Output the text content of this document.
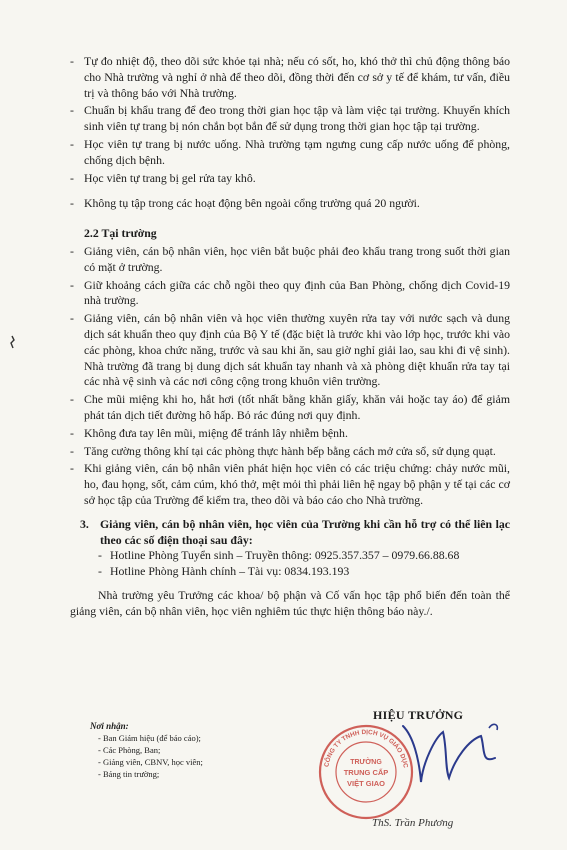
- Tự đo nhiệt độ, theo dõi sức khỏe tại nhà; nếu có sốt, ho, khó thở thì chủ động thông báo cho Nhà trường và nghỉ ở nhà để theo dõi, đồng thời đến cơ sở y tế để khám, tư vấn, điều trị và thông báo với Nhà trường.
- Chuẩn bị khẩu trang để đeo trong thời gian học tập và làm việc tại trường. Khuyến khích sinh viên tự trang bị nón chắn bọt bắn để sử dụng trong thời gian học tập tại trường.
- Học viên tự trang bị nước uống. Nhà trường tạm ngưng cung cấp nước uống để phòng, chống dịch bệnh.
- Học viên tự trang bị gel rửa tay khô.
- Không tụ tập trong các hoạt động bên ngoài cổng trường quá 20 người.
2.2 Tại trường
- Giảng viên, cán bộ nhân viên, học viên bắt buộc phải đeo khẩu trang trong suốt thời gian có mặt ở trường.
- Giữ khoảng cách giữa các chỗ ngồi theo quy định của Ban Phòng, chống dịch Covid-19 nhà trường.
- Giảng viên, cán bộ nhân viên và học viên thường xuyên rửa tay với nước sạch và dung dịch sát khuẩn theo quy định của Bộ Y tế (đặc biệt là trước khi vào lớp học, trước khi vào các phòng, khoa chức năng, trước và sau khi ăn, sau giờ nghỉ giải lao, sau khi đi vệ sinh). Nhà trường đã trang bị dung dịch sát khuẩn tay nhanh và xà phòng diệt khuẩn rửa tay tại các nhà vệ sinh và các nơi công cộng trong khuôn viên trường.
- Che mũi miệng khi ho, hắt hơi (tốt nhất bằng khăn giấy, khăn vải hoặc tay áo) để giảm phát tán dịch tiết đường hô hấp. Bỏ rác đúng nơi quy định.
- Không đưa tay lên mũi, miệng để tránh lây nhiễm bệnh.
- Tăng cường thông khí tại các phòng thực hành bếp bằng cách mở cửa sổ, sử dụng quạt.
- Khi giảng viên, cán bộ nhân viên phát hiện học viên có các triệu chứng: chảy nước mũi, ho, đau họng, sốt, cảm cúm, khó thở, mệt mỏi thì phải liên hệ ngay bộ phận y tế tại các cơ sở học tập của Trường để kiểm tra, theo dõi và báo cáo cho Nhà trường.
3. Giảng viên, cán bộ nhân viên, học viên của Trường khi cần hỗ trợ có thể liên lạc theo các số điện thoại sau đây:
- Hotline Phòng Tuyển sinh – Truyền thông: 0925.357.357 – 0979.66.88.68
- Hotline Phòng Hành chính – Tài vụ: 0834.193.193
Nhà trường yêu Trưởng các khoa/ bộ phận và Cố vấn học tập phổ biến đến toàn thể giảng viên, cán bộ nhân viên, học viên nghiêm túc thực hiện thông báo này./.
Nơi nhận:
- Ban Giám hiệu (để báo cáo);
- Các Phòng, Ban;
- Giảng viên, CBNV, học viên;
- Bảng tin trường;
HIỆU TRƯỞNG
CÔNG TY TNHH DỊCH VỤ GIÁO DỤC
TRƯỜNG
TRUNG CẤP
VIỆT GIAO
ThS. Trần Phương
